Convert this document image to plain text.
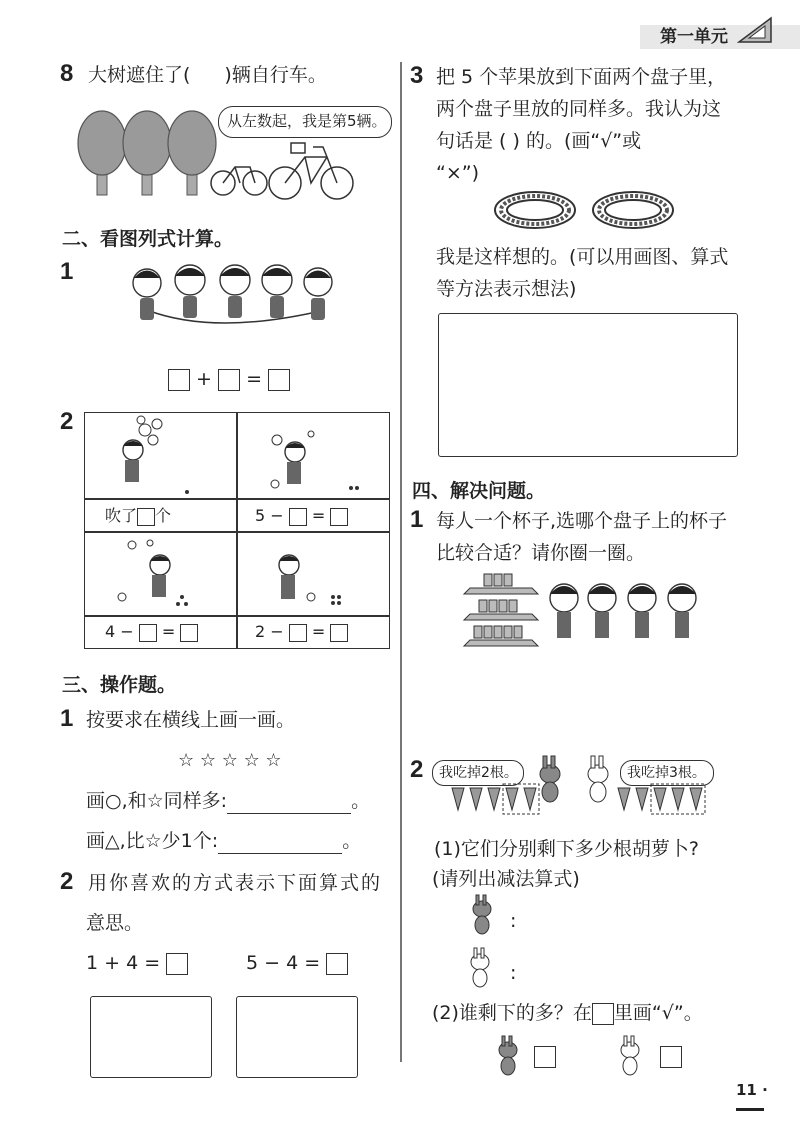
第一单元
8 大树遮住了( )辆自行车。
从左数起，我是第5辆。
二、看图列式计算。
1
+ =
2
吹了 个	5 − =
4 − =	2 − =
三、操作题。
1 按要求在横线上画一画。
☆ ☆ ☆ ☆ ☆
画○,和☆同样多:	。
画△,比☆少1个:	。
2 用你喜欢的方式表示下面算式的
意思。
1 + 4 =	5 − 4 =
3 把 5 个苹果放到下面两个盘子里，
两个盘子里放的同样多。我认为这
句话是 ( ) 的。(画“√”或
“×”)
我是这样想的。(可以用画图、算式
等方法表示想法)
四、解决问题。
1 每人一个杯子,选哪个盘子上的杯子
比较合适？请你圈一圈。
2 我吃掉2根。	我吃掉3根。
(1)它们分别剩下多少根胡萝卜?
(请列出减法算式)
:
:
(2)谁剩下的多？在 里画“√”。
11 ·
